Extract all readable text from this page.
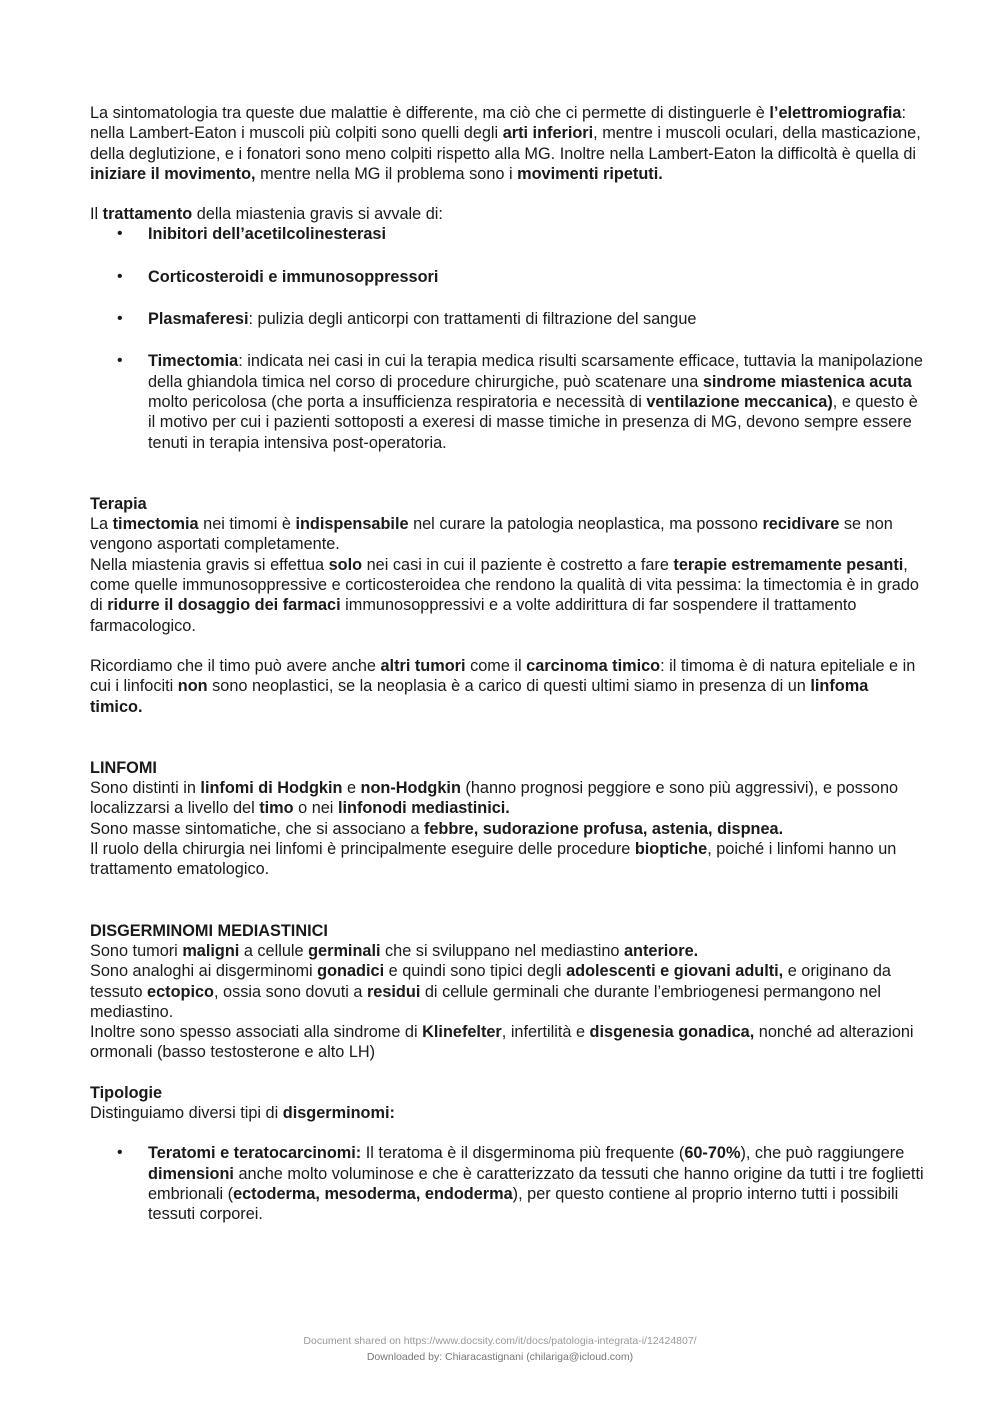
La sintomatologia tra queste due malattie è differente, ma ciò che ci permette di distinguerle è l’elettromiografia: nella Lambert-Eaton i muscoli più colpiti sono quelli degli arti inferiori, mentre i muscoli oculari, della masticazione, della deglutizione, e i fonatori sono meno colpiti rispetto alla MG. Inoltre nella Lambert-Eaton la difficoltà è quella di iniziare il movimento, mentre nella MG il problema sono i movimenti ripetuti.

Il trattamento della miastenia gravis si avvale di:

• Inibitori dell’acetilcolinesterasi
• Corticosteroidi e immunosoppressori
• Plasmaferesi: pulizia degli anticorpi con trattamenti di filtrazione del sangue
• Timectomia: indicata nei casi in cui la terapia medica risulti scarsamente efficace, tuttavia la manipolazione della ghiandola timica nel corso di procedure chirurgiche, può scatenare una sindrome miastenica acuta molto pericolosa (che porta a insufficienza respiratoria e necessità di ventilazione meccanica), e questo è il motivo per cui i pazienti sottoposti a exeresi di masse timiche in presenza di MG, devono sempre essere tenuti in terapia intensiva post-operatoria.

Terapia

La timectomia nei timomi è indispensabile nel curare la patologia neoplastica, ma possono recidivare se non vengono asportati completamente.

Nella miastenia gravis si effettua solo nei casi in cui il paziente è costretto a fare terapie estremamente pesanti, come quelle immunosoppressive e corticosteroidea che rendono la qualità di vita pessima: la timectomia è in grado di ridurre il dosaggio dei farmaci immunosoppressivi e a volte addirittura di far sospendere il trattamento farmacologico.

Ricordiamo che il timo può avere anche altri tumori come il carcinoma timico: il timoma è di natura epiteliale e in cui i linfociti non sono neoplastici, se la neoplasia è a carico di questi ultimi siamo in presenza di un linfoma timico.

LINFOMI

Sono distinti in linfomi di Hodgkin e non-Hodgkin (hanno prognosi peggiore e sono più aggressivi), e possono localizzarsi a livello del timo o nei linfonodi mediastinici.

Sono masse sintomatiche, che si associano a febbre, sudorazione profusa, astenia, dispnea.

Il ruolo della chirurgia nei linfomi è principalmente eseguire delle procedure bioptiche, poiché i linfomi hanno un trattamento ematologico.

DISGERMINOMI MEDIASTINICI

Sono tumori maligni a cellule germinali che si sviluppano nel mediastino anteriore.

Sono analoghi ai disgerminomi gonadici e quindi sono tipici degli adolescenti e giovani adulti, e originano da tessuto ectopico, ossia sono dovuti a residui di cellule germinali che durante l’embriogenesi permangono nel mediastino.

Inoltre sono spesso associati alla sindrome di Klinefelter, infertilità e disgenesia gonadica, nonché ad alterazioni ormonali (basso testosterone e alto LH)

Tipologie

Distinguiamo diversi tipi di disgerminomi:

• Teratomi e teratocarcinomi: Il teratoma è il disgerminoma più frequente (60-70%), che può raggiungere dimensioni anche molto voluminose e che è caratterizzato da tessuti che hanno origine da tutti i tre foglietti embrionali (ectoderma, mesoderma, endoderma), per questo contiene al proprio interno tutti i possibili tessuti corporei.
Document shared on https://www.docsity.com/it/docs/patologia-integrata-i/12424807/
Downloaded by: Chiaracastignani (chilariga@icloud.com)
